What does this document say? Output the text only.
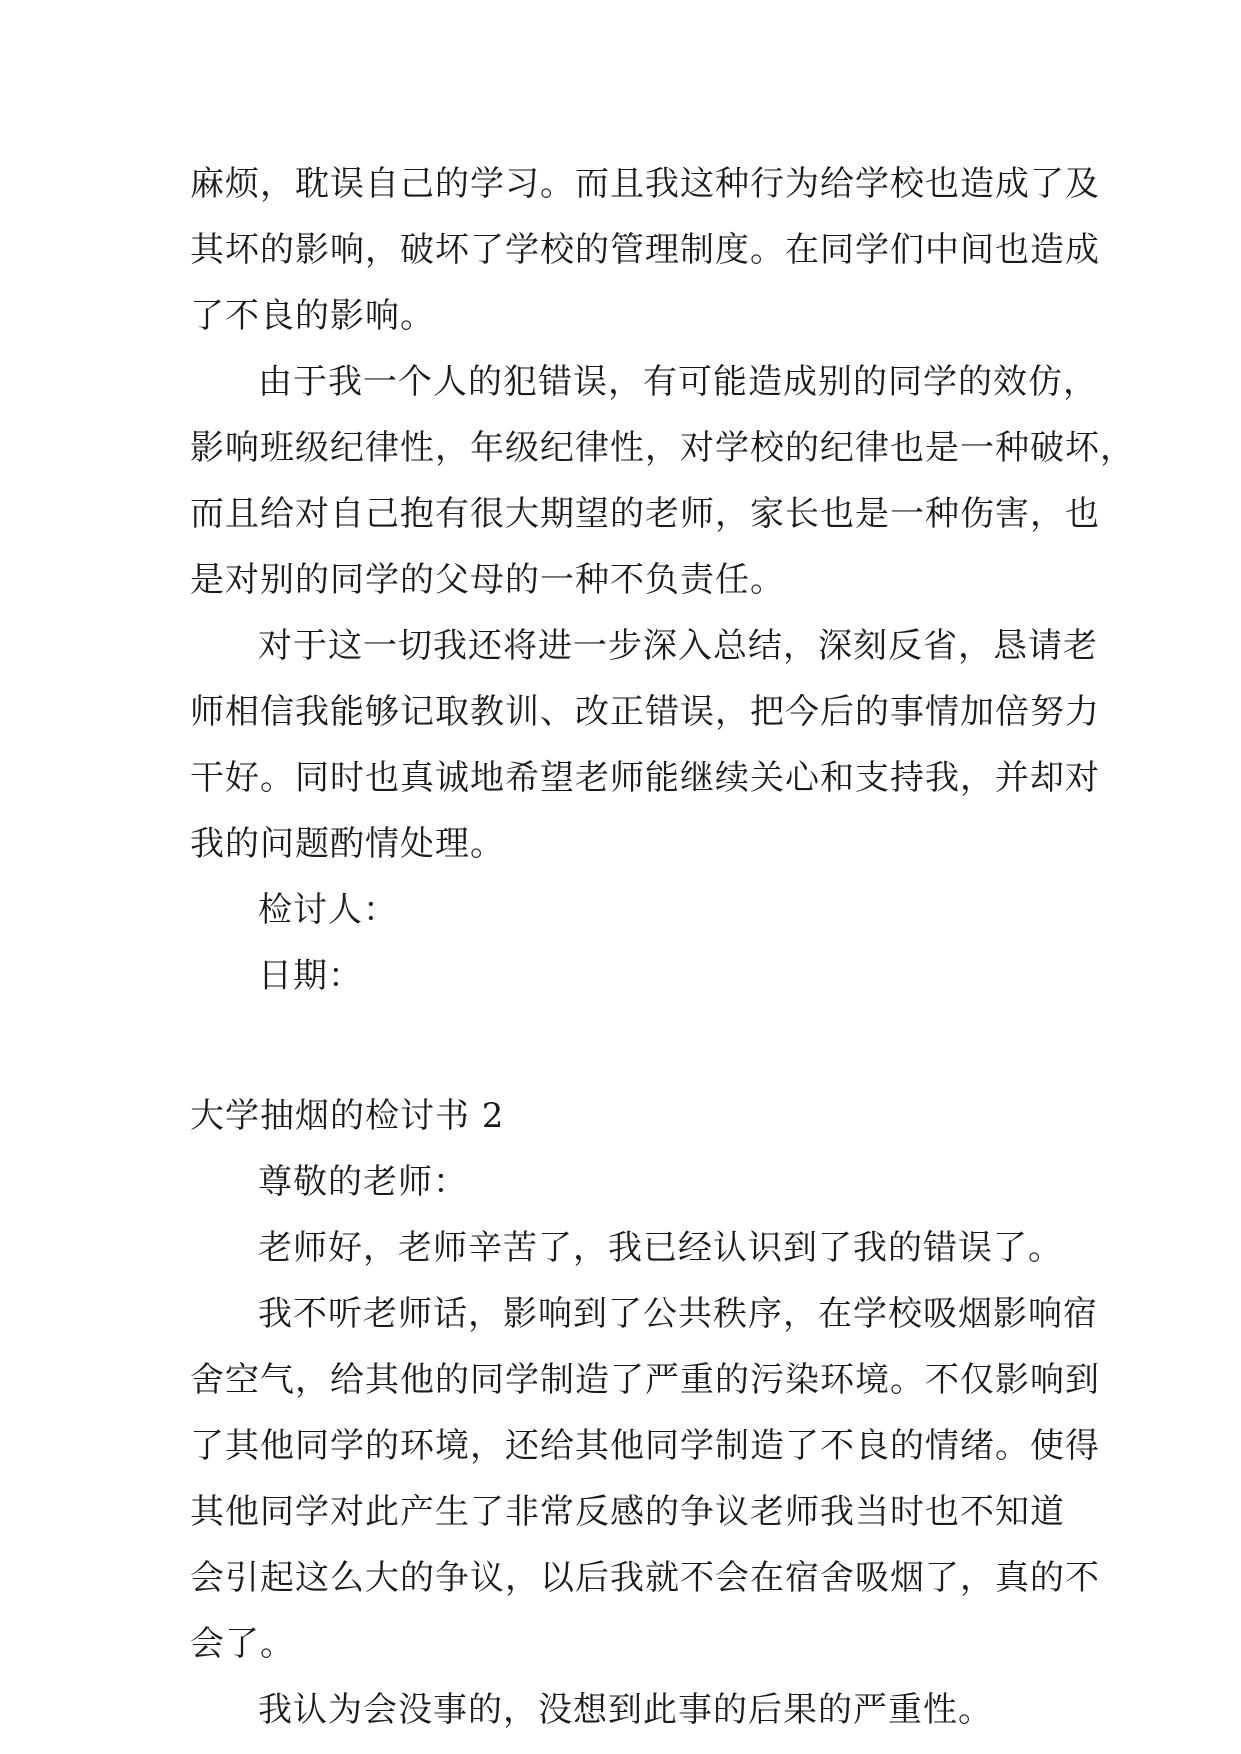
麻烦，耽误自己的学习。而且我这种行为给学校也造成了及
其坏的影响，破坏了学校的管理制度。在同学们中间也造成
了不良的影响。
由于我一个人的犯错误，有可能造成别的同学的效仿，
影响班级纪律性，年级纪律性，对学校的纪律也是一种破坏，
而且给对自己抱有很大期望的老师，家长也是一种伤害，也
是对别的同学的父母的一种不负责任。
对于这一切我还将进一步深入总结，深刻反省，恳请老
师相信我能够记取教训、改正错误，把今后的事情加倍努力
干好。同时也真诚地希望老师能继续关心和支持我，并却对
我的问题酌情处理。
检讨人：
日期：
大学抽烟的检讨书 2
尊敬的老师：
老师好，老师辛苦了，我已经认识到了我的错误了。
我不听老师话，影响到了公共秩序，在学校吸烟影响宿
舍空气，给其他的同学制造了严重的污染环境。不仅影响到
了其他同学的环境，还给其他同学制造了不良的情绪。使得
其他同学对此产生了非常反感的争议老师我当时也不知道
会引起这么大的争议，以后我就不会在宿舍吸烟了，真的不
会了。
我认为会没事的，没想到此事的后果的严重性。
